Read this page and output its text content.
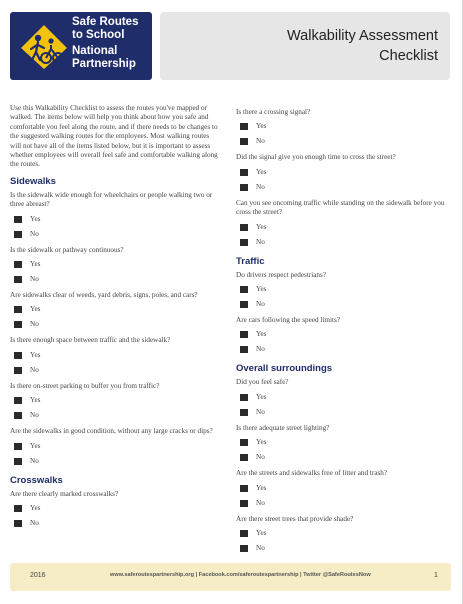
Safe Routes
to School
National
Partnership
Walkability Assessment
Checklist

Use this Walkability Checklist to assess the routes you've mapped or walked. The items below will help you think about how you safe and comfortable you feel along the route, and if there needs to be changes to the suggested walking routes for the employees. Most walking routes will not have all of the items listed below, but it is important to assess whether employees will overall feel safe and comfortable walking along the routes.

Sidewalks
Is the sidewalk wide enough for wheelchairs or people walking two or three abreast?
Yes
No
Is the sidewalk or pathway continuous?
Yes
No
Are sidewalks clear of weeds, yard debris, signs, poles, and cars?
Yes
No
Is there enough space between traffic and the sidewalk?
Yes
No
Is there on-street parking to buffer you from traffic?
Yes
No
Are the sidewalks in good condition, without any large cracks or dips?
Yes
No
Crosswalks
Are there clearly marked crosswalks?
Yes
No
Is there a crossing signal?
Yes
No
Did the signal give you enough time to cross the street?
Yes
No
Can you see oncoming traffic while standing on the sidewalk before you cross the street?
Yes
No
Traffic
Do drivers respect pedestrians?
Yes
No
Are cars following the speed limits?
Yes
No
Overall surroundings
Did you feel safe?
Yes
No
Is there adequate street lighting?
Yes
No
Are the streets and sidewalks free of litter and trash?
Yes
No
Are there street trees that provide shade?
Yes
No
2016	www.saferoutespartnership.org | Facebook.com/saferoutespartnership | Twitter @SafeRoutesNow	1
